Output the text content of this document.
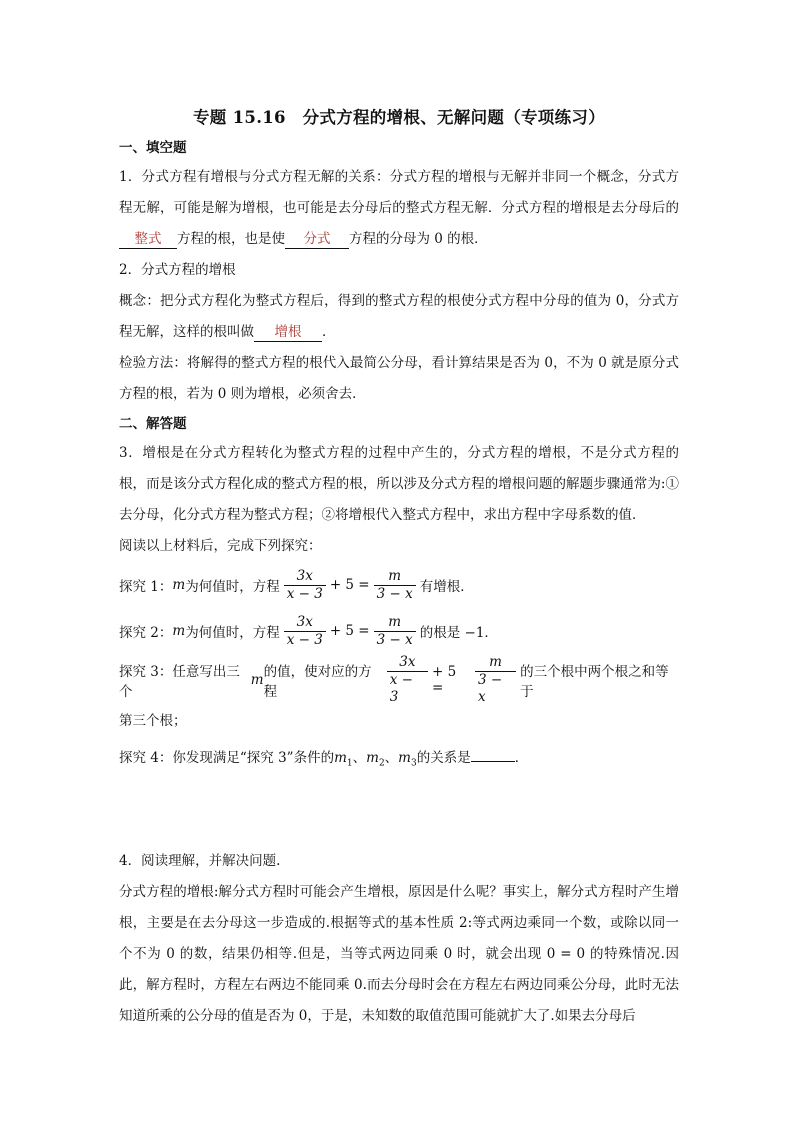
专题 15.16　分式方程的增根、无解问题（专项练习）
一、填空题

1．分式方程有增根与分式方程无解的关系：分式方程的增根与无解并非同一个概念，分式方程无解，可能是解为增根，也可能是去分母后的整式方程无解．分式方程的增根是去分母后的整式 方程的根，也是使 分式 方程的分母为 0 的根．

2．分式方程的增根

概念：把分式方程化为整式方程后，得到的整式方程的根使分式方程中分母的值为 0，分式方程无解，这样的根叫做 增根 ．

检验方法：将解得的整式方程的根代入最简公分母，看计算结果是否为 0，不为 0 就是原分式方程的根，若为 0 则为增根，必须舍去．

二、解答题

3．增根是在分式方程转化为整式方程的过程中产生的，分式方程的增根，不是分式方程的根，而是该分式方程化成的整式方程的根，所以涉及分式方程的增根问题的解题步骤通常为:①去分母，化分式方程为整式方程；②将增根代入整式方程中，求出方程中字母系数的值．

阅读以上材料后，完成下列探究：

探究 1： m 为何值时，方程 $\frac{3x}{x - 3} + 5 = \frac{m}{3 - x}$ 有增根．
探究 2： m 为何值时，方程 $\frac{3x}{x - 3} + 5 = \frac{m}{3 - x}$ 的根是 −1．
探究 3：任意写出三个
m 的值，使对应的方程	$\frac{3x}{x - 3} + 5$ =	$\frac{m}{3 - x}$ 的三个根中两个根之和等于

第三个根；

探究 4：你发现满足“探究 3”条件的$m_1$、$m_2$、$m_3$的关系是	．

4．阅读理解，并解决问题.

分式方程的增根:解分式方程时可能会产生增根，原因是什么呢？事实上，解分式方程时产生增根，主要是在去分母这一步造成的.根据等式的基本性质 2:等式两边乘同一个数，或除以同一个不为 0 的数，结果仍相等.但是，当等式两边同乘 0 时，就会出现 0 = 0 的特殊情况.因此，解方程时，方程左右两边不能同乘 0.而去分母时会在方程左右两边同乘公分母，此时无法知道所乘的公分母的值是否为 0，于是，未知数的取值范围可能就扩大了.如果去分母后
